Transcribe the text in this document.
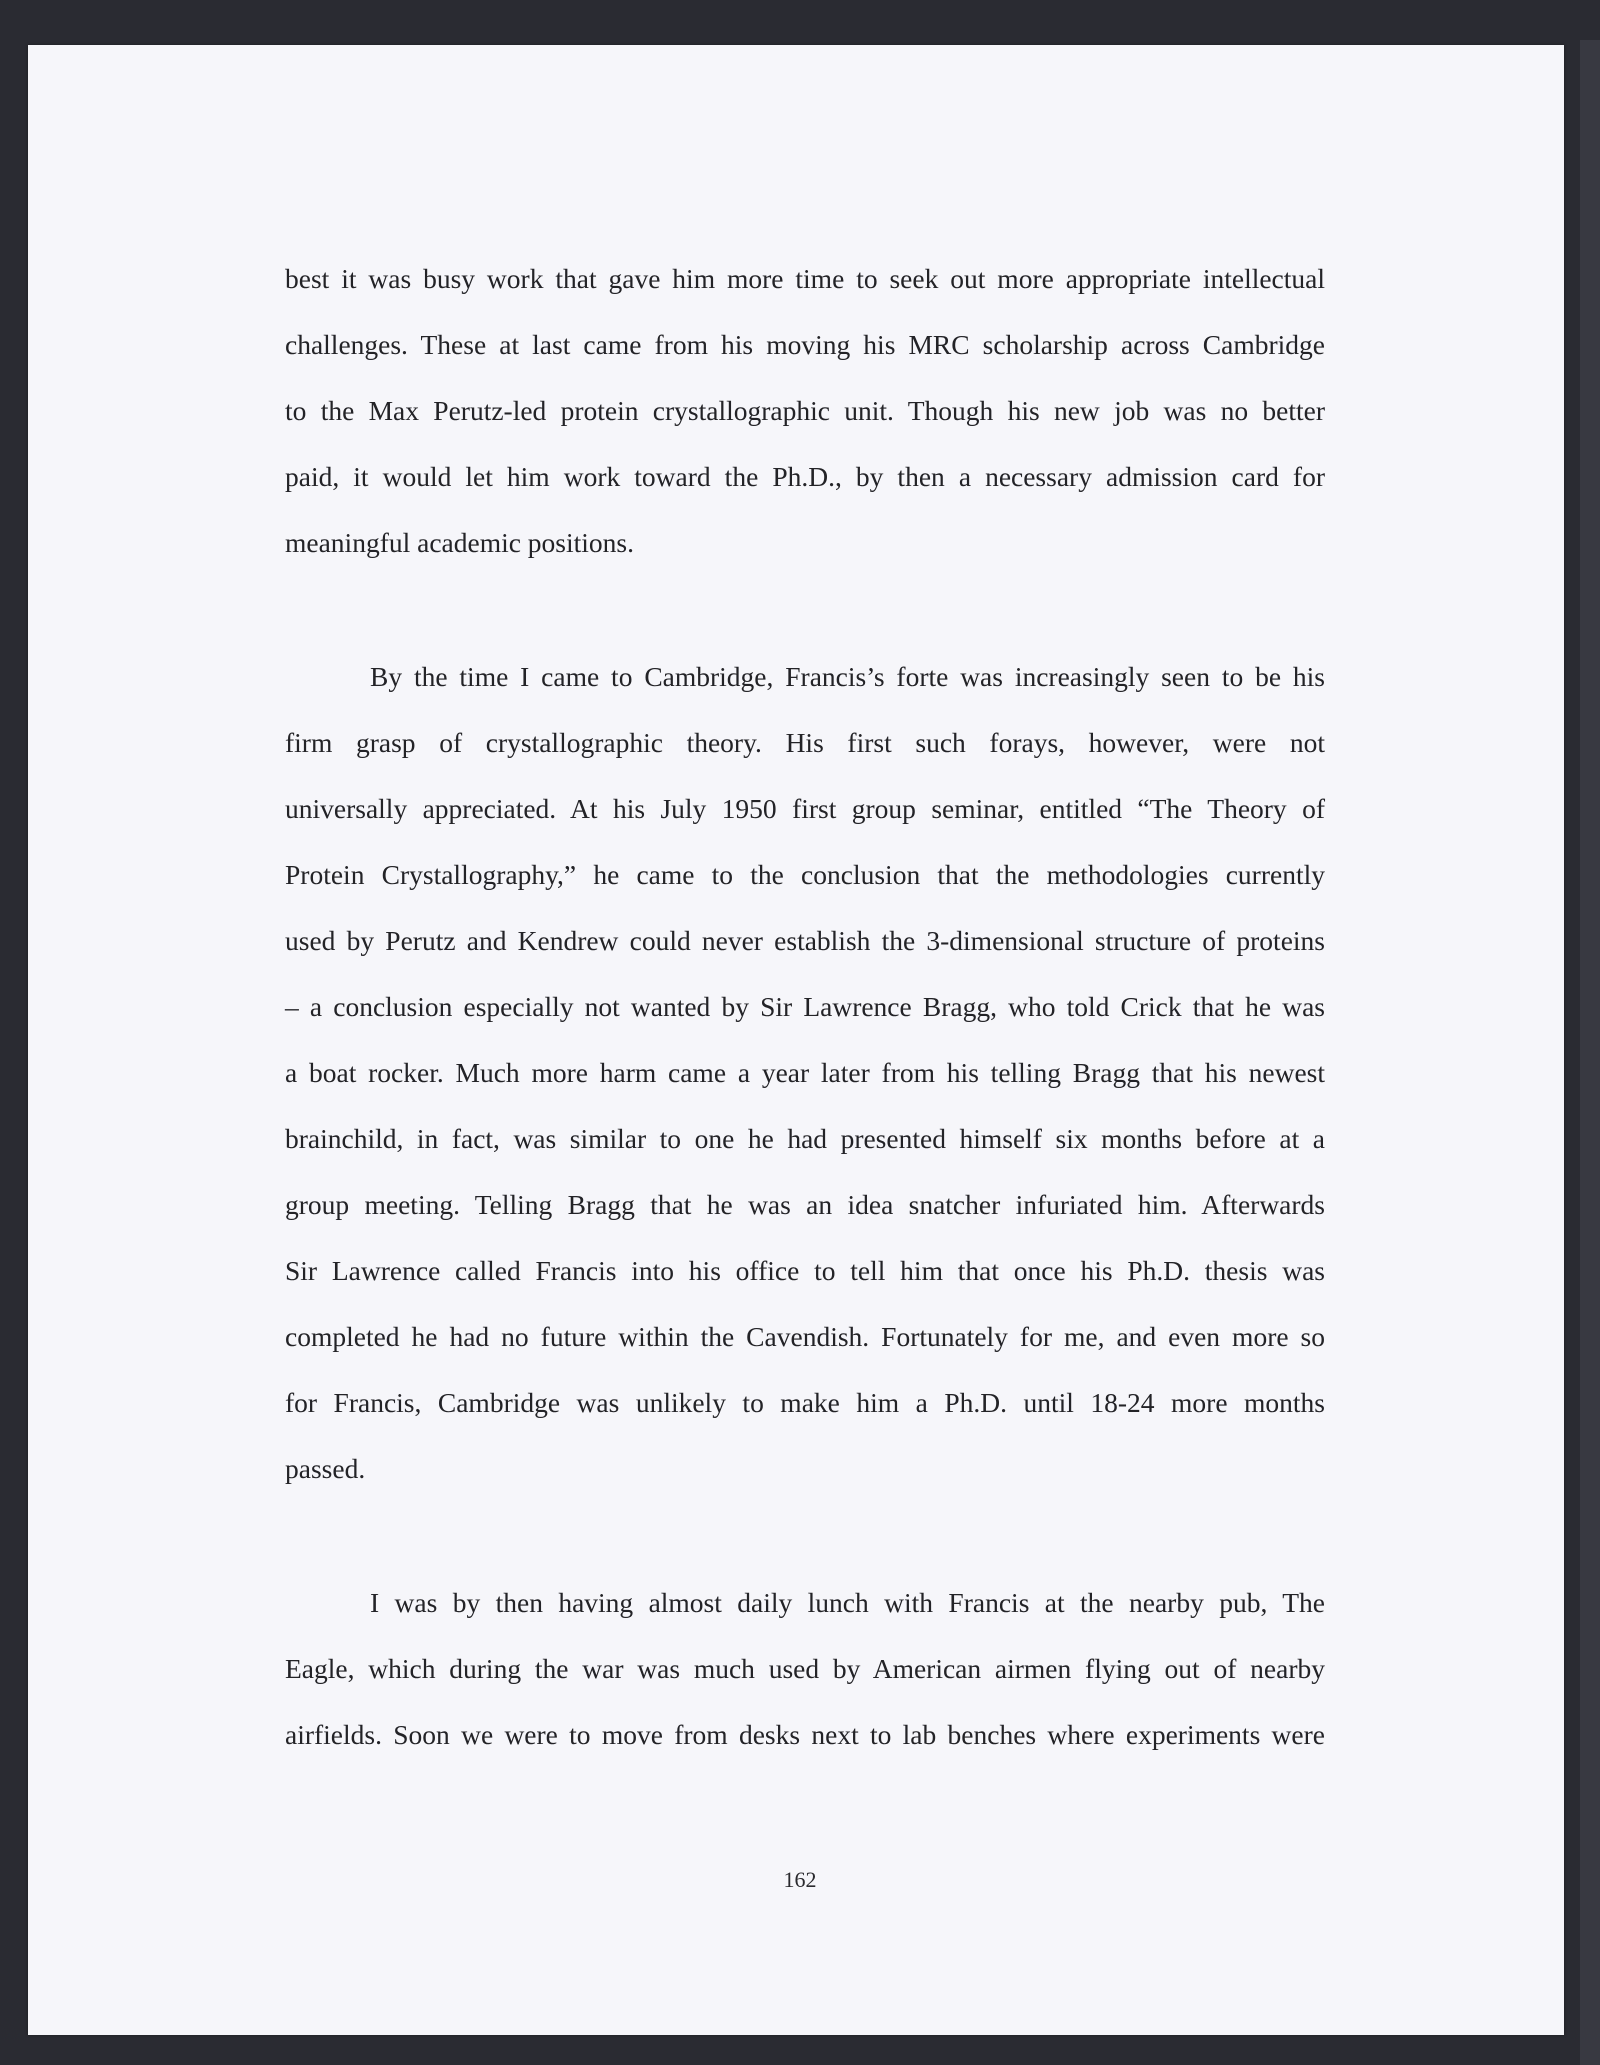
best it was busy work that gave him more time to seek out more appropriate intellectual
challenges. These at last came from his moving his MRC scholarship across Cambridge
to the Max Perutz-led protein crystallographic unit. Though his new job was no better
paid, it would let him work toward the Ph.D., by then a necessary admission card for
meaningful academic positions.
By the time I came to Cambridge, Francis’s forte was increasingly seen to be his
firm grasp of crystallographic theory. His first such forays, however, were not
universally appreciated. At his July 1950 first group seminar, entitled “The Theory of
Protein Crystallography,” he came to the conclusion that the methodologies currently
used by Perutz and Kendrew could never establish the 3-dimensional structure of proteins
– a conclusion especially not wanted by Sir Lawrence Bragg, who told Crick that he was
a boat rocker. Much more harm came a year later from his telling Bragg that his newest
brainchild, in fact, was similar to one he had presented himself six months before at a
group meeting. Telling Bragg that he was an idea snatcher infuriated him. Afterwards
Sir Lawrence called Francis into his office to tell him that once his Ph.D. thesis was
completed he had no future within the Cavendish. Fortunately for me, and even more so
for Francis, Cambridge was unlikely to make him a Ph.D. until 18-24 more months
passed.
I was by then having almost daily lunch with Francis at the nearby pub, The
Eagle, which during the war was much used by American airmen flying out of nearby
airfields. Soon we were to move from desks next to lab benches where experiments were
162
